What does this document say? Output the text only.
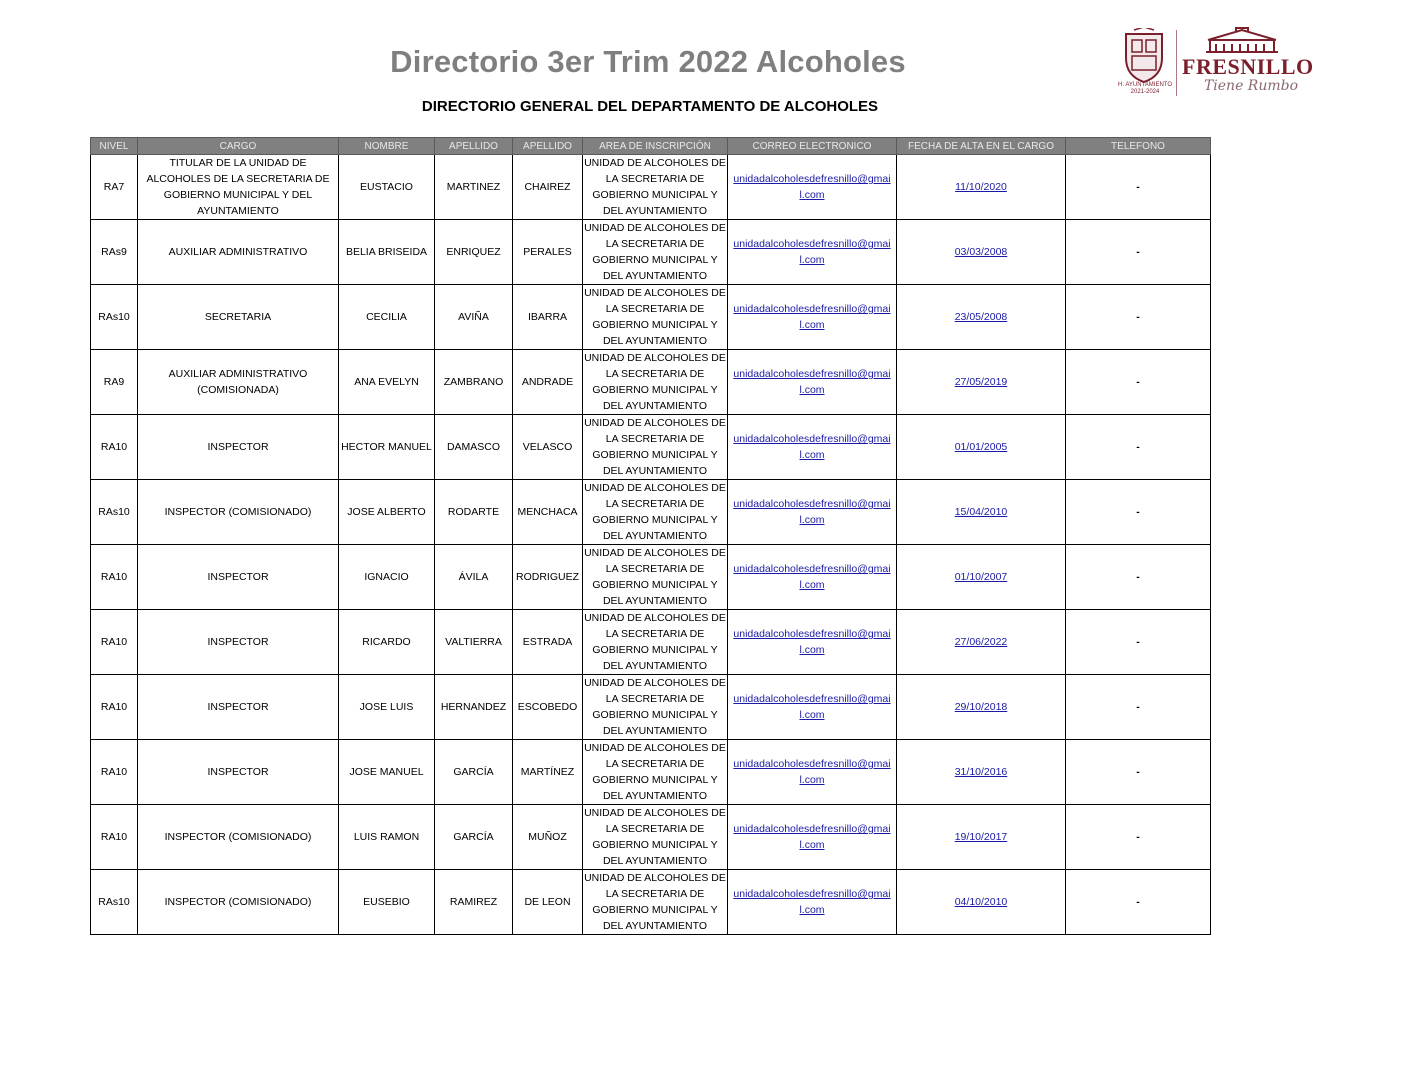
Directorio 3er Trim 2022 Alcoholes
H. AYUNTAMIENTO 2021-2024
FRESNILLO
Tiene Rumbo
DIRECTORIO GENERAL DEL DEPARTAMENTO DE ALCOHOLES
NIVEL	CARGO	NOMBRE	APELLIDO	APELLIDO	AREA DE INSCRIPCIÓN	CORREO ELECTRONICO	FECHA DE ALTA EN EL CARGO	TELEFONO
RA7	TITULAR DE LA UNIDAD DE ALCOHOLES DE LA SECRETARIA DE GOBIERNO MUNICIPAL Y DEL AYUNTAMIENTO	EUSTACIO	MARTINEZ	CHAIREZ	UNIDAD DE ALCOHOLES DE LA SECRETARIA DE GOBIERNO MUNICIPAL Y DEL AYUNTAMIENTO	unidadalcoholesdefresnillo@gmail.com	11/10/2020	-
RAs9	AUXILIAR ADMINISTRATIVO	BELIA BRISEIDA	ENRIQUEZ	PERALES	UNIDAD DE ALCOHOLES DE LA SECRETARIA DE GOBIERNO MUNICIPAL Y DEL AYUNTAMIENTO	unidadalcoholesdefresnillo@gmail.com	03/03/2008	-
RAs10	SECRETARIA	CECILIA	AVIÑA	IBARRA	UNIDAD DE ALCOHOLES DE LA SECRETARIA DE GOBIERNO MUNICIPAL Y DEL AYUNTAMIENTO	unidadalcoholesdefresnillo@gmail.com	23/05/2008	-
RA9	AUXILIAR ADMINISTRATIVO (COMISIONADA)	ANA EVELYN	ZAMBRANO	ANDRADE	UNIDAD DE ALCOHOLES DE LA SECRETARIA DE GOBIERNO MUNICIPAL Y DEL AYUNTAMIENTO	unidadalcoholesdefresnillo@gmail.com	27/05/2019	-
RA10	INSPECTOR	HECTOR MANUEL	DAMASCO	VELASCO	UNIDAD DE ALCOHOLES DE LA SECRETARIA DE GOBIERNO MUNICIPAL Y DEL AYUNTAMIENTO	unidadalcoholesdefresnillo@gmail.com	01/01/2005	-
RAs10	INSPECTOR (COMISIONADO)	JOSE ALBERTO	RODARTE	MENCHACA	UNIDAD DE ALCOHOLES DE LA SECRETARIA DE GOBIERNO MUNICIPAL Y DEL AYUNTAMIENTO	unidadalcoholesdefresnillo@gmail.com	15/04/2010	-
RA10	INSPECTOR	IGNACIO	ÁVILA	RODRIGUEZ	UNIDAD DE ALCOHOLES DE LA SECRETARIA DE GOBIERNO MUNICIPAL Y DEL AYUNTAMIENTO	unidadalcoholesdefresnillo@gmail.com	01/10/2007	-
RA10	INSPECTOR	RICARDO	VALTIERRA	ESTRADA	UNIDAD DE ALCOHOLES DE LA SECRETARIA DE GOBIERNO MUNICIPAL Y DEL AYUNTAMIENTO	unidadalcoholesdefresnillo@gmail.com	27/06/2022	-
RA10	INSPECTOR	JOSE LUIS	HERNANDEZ	ESCOBEDO	UNIDAD DE ALCOHOLES DE LA SECRETARIA DE GOBIERNO MUNICIPAL Y DEL AYUNTAMIENTO	unidadalcoholesdefresnillo@gmail.com	29/10/2018	-
RA10	INSPECTOR	JOSE MANUEL	GARCÍA	MARTÍNEZ	UNIDAD DE ALCOHOLES DE LA SECRETARIA DE GOBIERNO MUNICIPAL Y DEL AYUNTAMIENTO	unidadalcoholesdefresnillo@gmail.com	31/10/2016	-
RA10	INSPECTOR (COMISIONADO)	LUIS RAMON	GARCÍA	MUÑOZ	UNIDAD DE ALCOHOLES DE LA SECRETARIA DE GOBIERNO MUNICIPAL Y DEL AYUNTAMIENTO	unidadalcoholesdefresnillo@gmail.com	19/10/2017	-
RAs10	INSPECTOR (COMISIONADO)	EUSEBIO	RAMIREZ	DE LEON	UNIDAD DE ALCOHOLES DE LA SECRETARIA DE GOBIERNO MUNICIPAL Y DEL AYUNTAMIENTO	unidadalcoholesdefresnillo@gmail.com	04/10/2010	-
